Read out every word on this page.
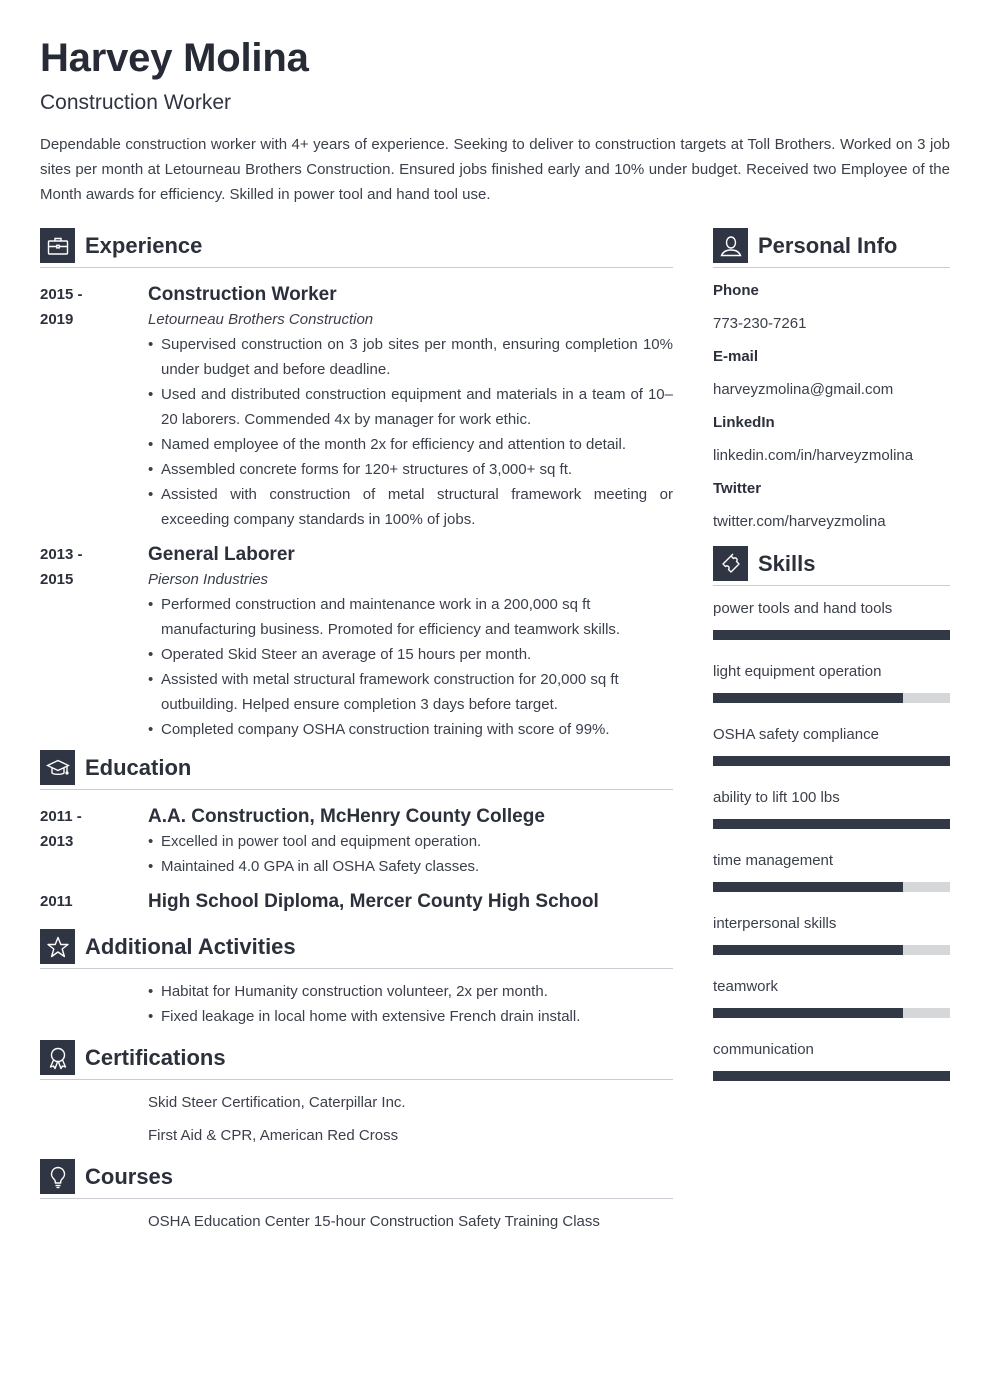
Harvey Molina
Construction Worker
Dependable construction worker with 4+ years of experience. Seeking to deliver to construction targets at Toll Brothers. Worked on 3 job sites per month at Letourneau Brothers Construction. Ensured jobs finished early and 10% under budget. Received two Employee of the Month awards for efficiency. Skilled in power tool and hand tool use.
Experience
2015 -
2019
Construction Worker
Letourneau Brothers Construction
• Supervised construction on 3 job sites per month, ensuring completion 10% under budget and before deadline.
• Used and distributed construction equipment and materials in a team of 10–20 laborers. Commended 4x by manager for work ethic.
• Named employee of the month 2x for efficiency and attention to detail.
• Assembled concrete forms for 120+ structures of 3,000+ sq ft.
• Assisted with construction of metal structural framework meeting or exceeding company standards in 100% of jobs.
2013 -
2015
General Laborer
Pierson Industries
• Performed construction and maintenance work in a 200,000 sq ft manufacturing business. Promoted for efficiency and teamwork skills.
• Operated Skid Steer an average of 15 hours per month.
• Assisted with metal structural framework construction for 20,000 sq ft outbuilding. Helped ensure completion 3 days before target.
• Completed company OSHA construction training with score of 99%.
Education
2011 -
2013
A.A. Construction, McHenry County College
• Excelled in power tool and equipment operation.
• Maintained 4.0 GPA in all OSHA Safety classes.
2011	High School Diploma, Mercer County High School
Additional Activities
• Habitat for Humanity construction volunteer, 2x per month.
• Fixed leakage in local home with extensive French drain install.
Certifications
Skid Steer Certification, Caterpillar Inc.
First Aid & CPR, American Red Cross
Courses
OSHA Education Center 15-hour Construction Safety Training Class
Personal Info
Phone
773-230-7261
E-mail
harveyzmolina@gmail.com
LinkedIn
linkedin.com/in/harveyzmolina
Twitter
twitter.com/harveyzmolina
Skills
power tools and hand tools
light equipment operation
OSHA safety compliance
ability to lift 100 lbs
time management
interpersonal skills
teamwork
communication
